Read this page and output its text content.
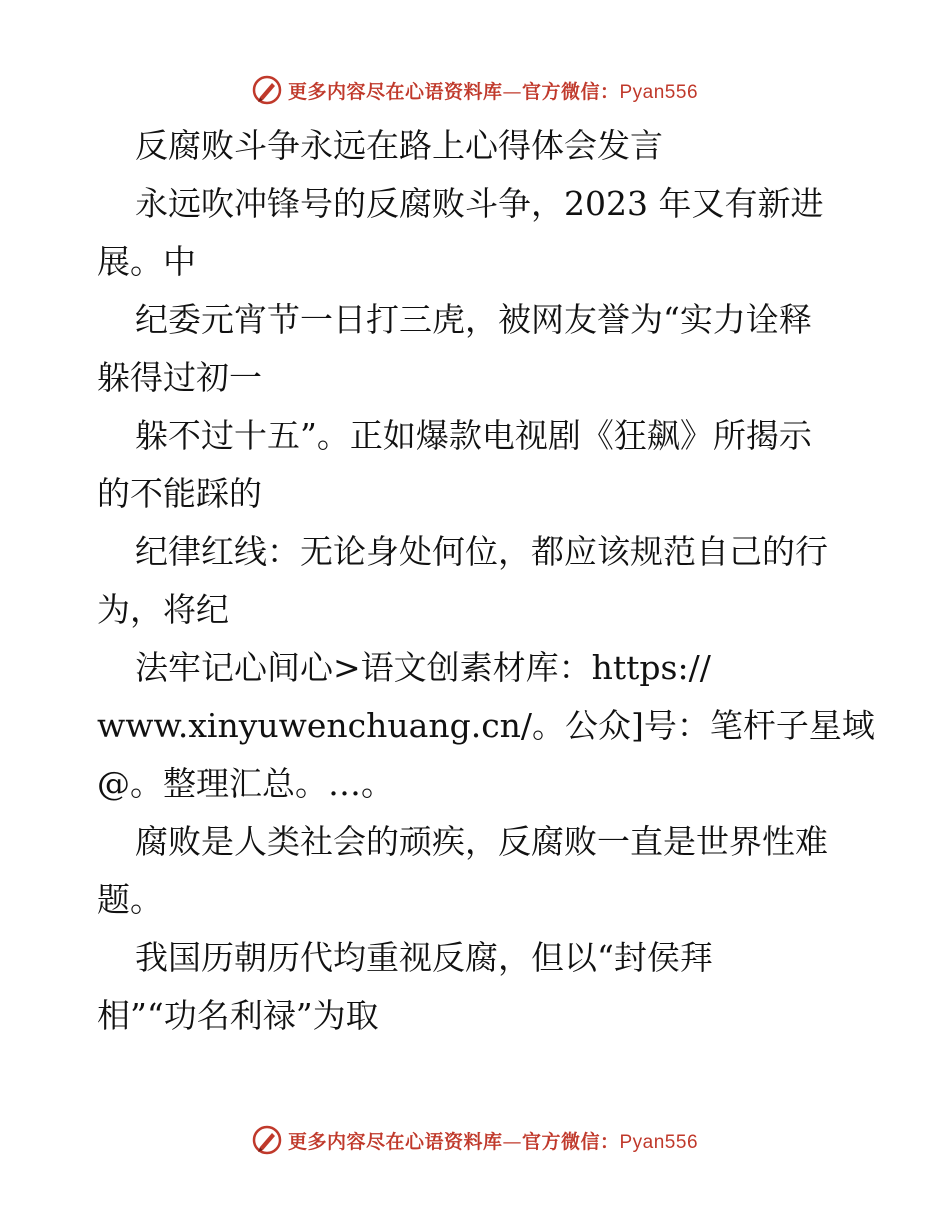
更多内容尽在心语资料库—官方微信：Pyan556
反腐败斗争永远在路上心得体会发言
永远吹冲锋号的反腐败斗争，2023 年又有新进
展。中
纪委元宵节一日打三虎，被网友誉为“实力诠释
躲得过初一
躲不过十五”。正如爆款电视剧《狂飙》所揭示
的不能踩的
纪律红线：无论身处何位，都应该规范自己的行
为，将纪
法牢记心间心>语文创素材库：https://
www.xinyuwenchuang.cn/。公众]号：笔杆子星域
@。整理汇总。…。
腐败是人类社会的顽疾，反腐败一直是世界性难
题。
我国历朝历代均重视反腐，但以“封侯拜
相”“功名利禄”为取
更多内容尽在心语资料库—官方微信：Pyan556
